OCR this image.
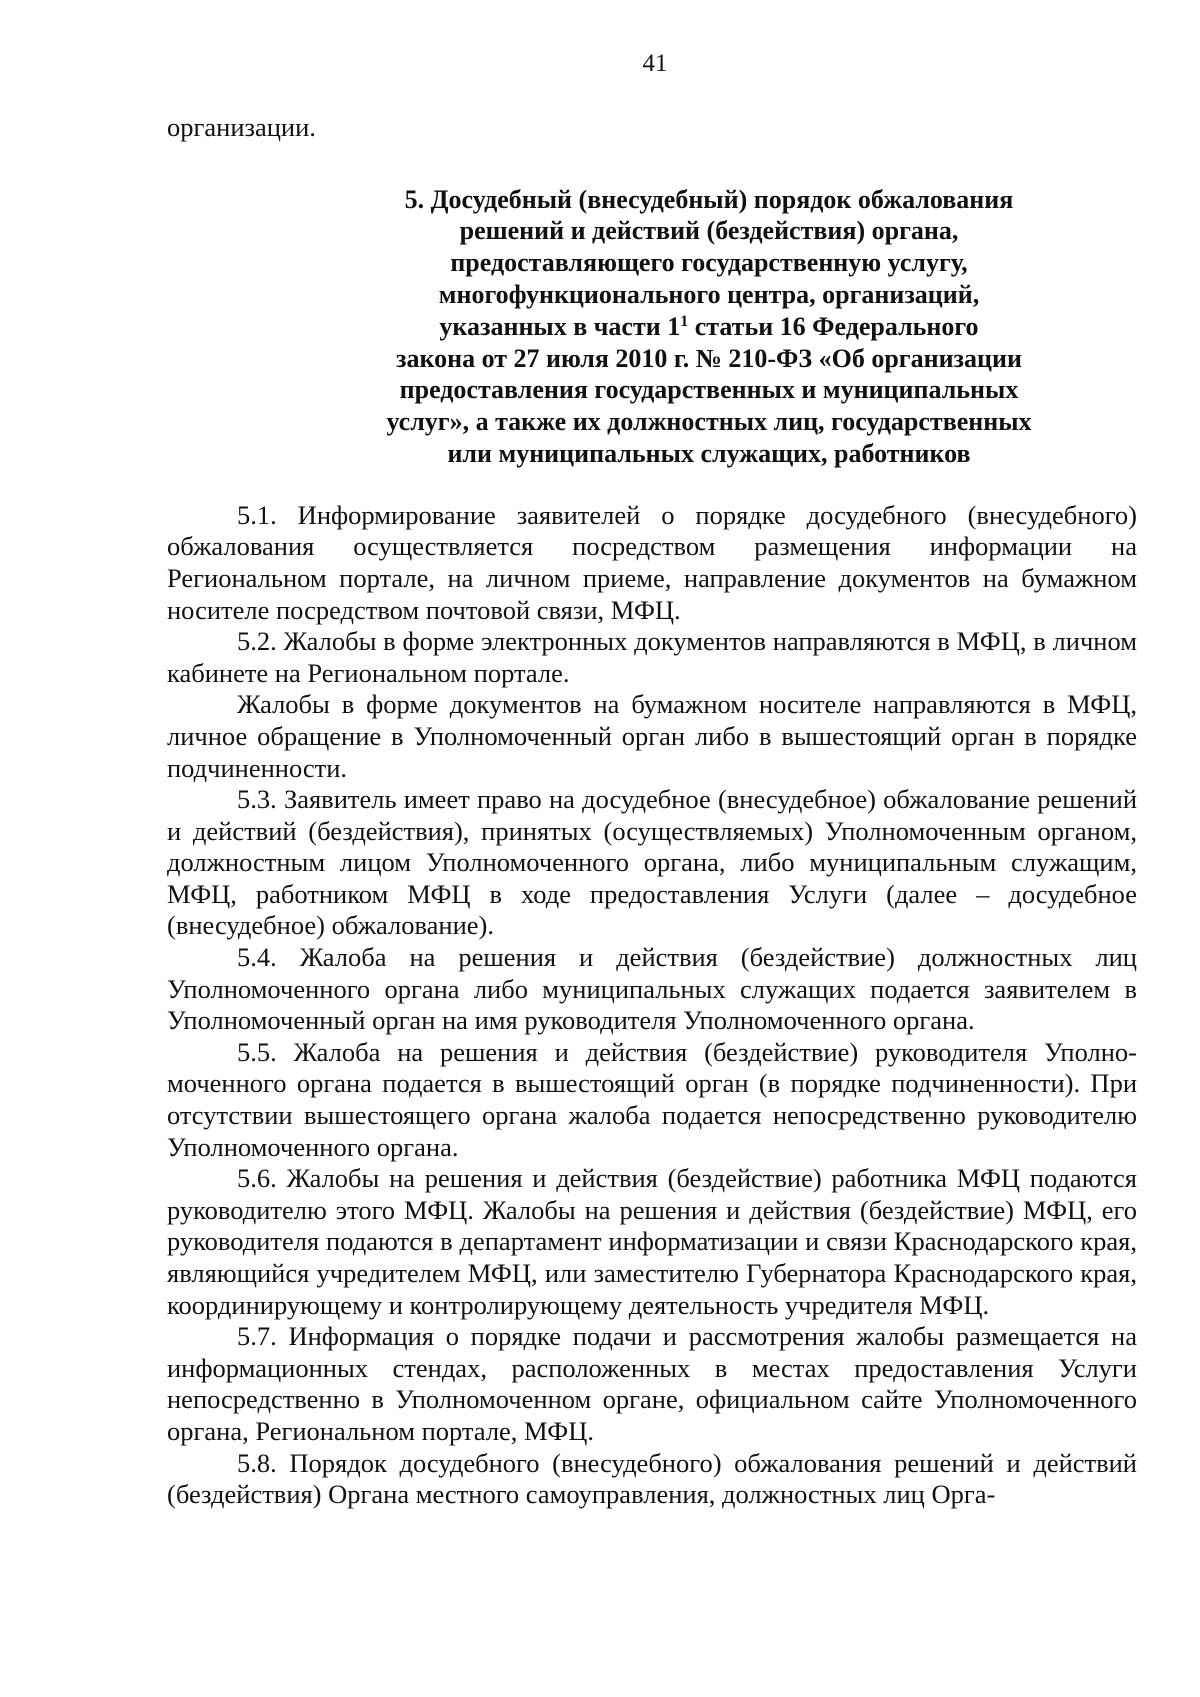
41

организации.

5. Досудебный (внесудебный) порядок обжалования
решений и действий (бездействия) органа,
предоставляющего государственную услугу,
многофункционального центра, организаций,
указанных в части $1^1$ статьи 16 Федерального
закона от 27 июля 2010 г. № 210-ФЗ «Об организации
предоставления государственных и муниципальных
услуг», а также их должностных лиц, государственных
или муниципальных служащих, работников

5.1. Информирование заявителей о порядке досудебного (внесудебного) обжалования осуществляется посредством размещения информации на Региональном портале, на личном приеме, направление документов на бумажном носителе посредством почтовой связи, МФЦ.

5.2. Жалобы в форме электронных документов направляются в МФЦ, в личном кабинете на Региональном портале.

Жалобы в форме документов на бумажном носителе направляются в МФЦ, личное обращение в Уполномоченный орган либо в вышестоящий орган в порядке подчиненности.

5.3. Заявитель имеет право на досудебное (внесудебное) обжалование решений и действий (бездействия), принятых (осуществляемых) Уполномоченным органом, должностным лицом Уполномоченного органа, либо муниципальным служащим, МФЦ, работником МФЦ в ходе предоставления Услуги (далее – досудебное (внесудебное) обжалование).

5.4. Жалоба на решения и действия (бездействие) должностных лиц Уполномоченного органа либо муниципальных служащих подается заявителем в Уполномоченный орган на имя руководителя Уполномоченного органа.

5.5. Жалоба на решения и действия (бездействие) руководителя Уполномоченного органа подается в вышестоящий орган (в порядке подчиненности). При отсутствии вышестоящего органа жалоба подается непосредственно руководителю Уполномоченного органа.

5.6. Жалобы на решения и действия (бездействие) работника МФЦ подаются руководителю этого МФЦ. Жалобы на решения и действия (бездействие) МФЦ, его руководителя подаются в департамент информатизации и связи Краснодарского края, являющийся учредителем МФЦ, или заместителю Губернатора Краснодарского края, координирующему и контролирующему деятельность учредителя МФЦ.

5.7. Информация о порядке подачи и рассмотрения жалобы размещается на информационных стендах, расположенных в местах предоставления Услуги непосредственно в Уполномоченном органе, официальном сайте Уполномоченного органа, Региональном портале, МФЦ.

5.8. Порядок досудебного (внесудебного) обжалования решений и действий (бездействия) Органа местного самоуправления, должностных лиц Орга-
